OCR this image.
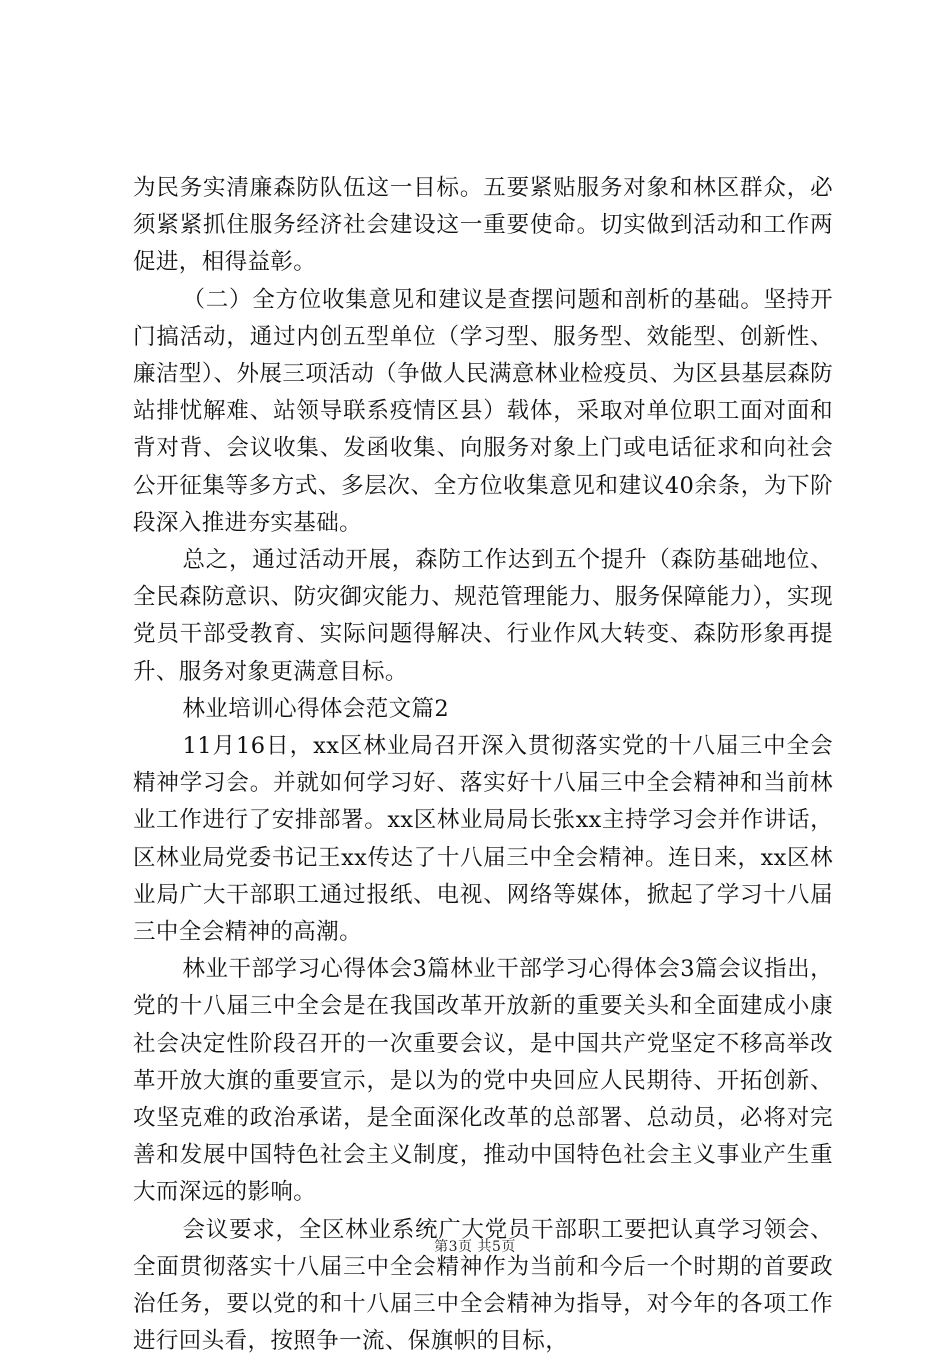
为民务实清廉森防队伍这一目标。五要紧贴服务对象和林区群众，必须紧紧抓住服务经济社会建设这一重要使命。切实做到活动和工作两促进，相得益彰。

（二）全方位收集意见和建议是查摆问题和剖析的基础。坚持开门搞活动，通过内创五型单位（学习型、服务型、效能型、创新性、廉洁型）、外展三项活动（争做人民满意林业检疫员、为区县基层森防站排忧解难、站领导联系疫情区县）载体，采取对单位职工面对面和背对背、会议收集、发函收集、向服务对象上门或电话征求和向社会公开征集等多方式、多层次、全方位收集意见和建议40余条，为下阶段深入推进夯实基础。

总之，通过活动开展，森防工作达到五个提升（森防基础地位、全民森防意识、防灾御灾能力、规范管理能力、服务保障能力），实现党员干部受教育、实际问题得解决、行业作风大转变、森防形象再提升、服务对象更满意目标。

林业培训心得体会范文篇2

11月16日，xx区林业局召开深入贯彻落实党的十八届三中全会精神学习会。并就如何学习好、落实好十八届三中全会精神和当前林业工作进行了安排部署。xx区林业局局长张xx主持学习会并作讲话，区林业局党委书记王xx传达了十八届三中全会精神。连日来，xx区林业局广大干部职工通过报纸、电视、网络等媒体，掀起了学习十八届三中全会精神的高潮。

林业干部学习心得体会3篇林业干部学习心得体会3篇会议指出，党的十八届三中全会是在我国改革开放新的重要关头和全面建成小康社会决定性阶段召开的一次重要会议，是中国共产党坚定不移高举改革开放大旗的重要宣示，是以为的党中央回应人民期待、开拓创新、攻坚克难的政治承诺，是全面深化改革的总部署、总动员，必将对完善和发展中国特色社会主义制度，推动中国特色社会主义事业产生重大而深远的影响。

会议要求，全区林业系统广大党员干部职工要把认真学习领会、全面贯彻落实十八届三中全会精神作为当前和今后一个时期的首要政治任务，要以党的和十八届三中全会精神为指导，对今年的各项工作进行回头看，按照争一流、保旗帜的目标，

第3页 共5页
